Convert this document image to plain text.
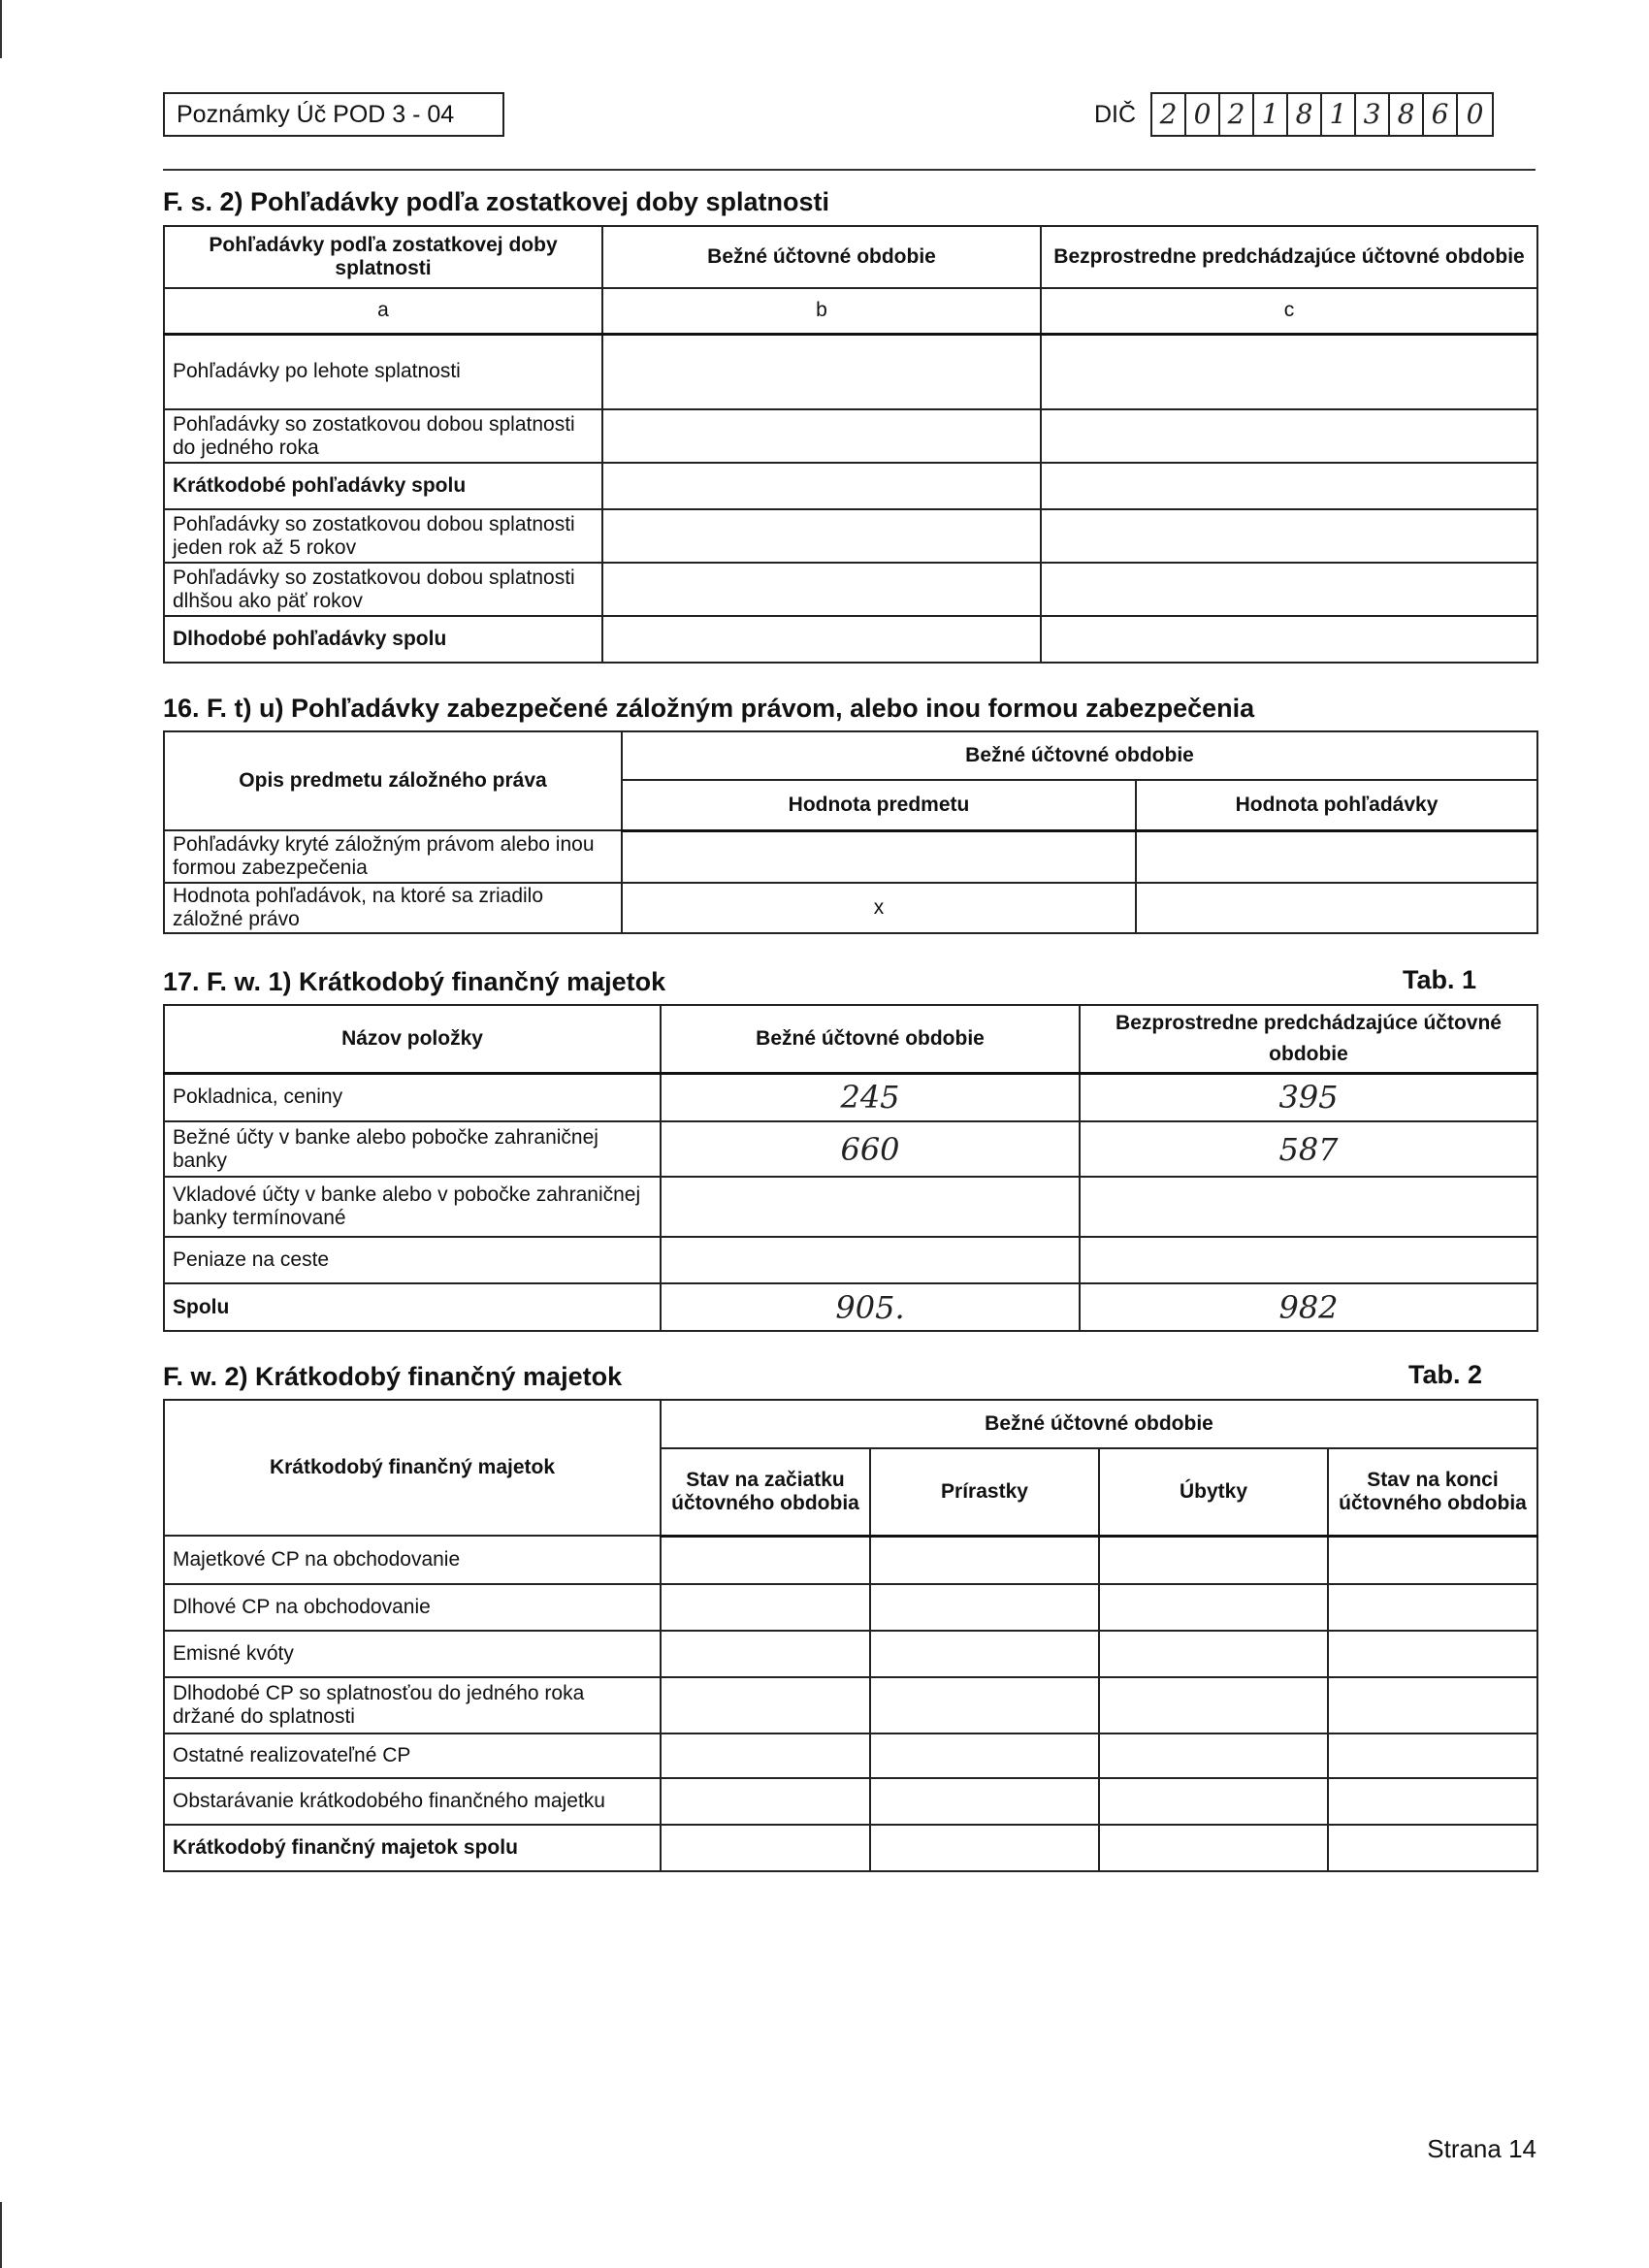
Poznámky Úč POD 3 - 04	DIČ 2 0 2 1 8 1 3 8 6 0
F. s. 2) Pohľadávky podľa zostatkovej doby splatnosti
Pohľadávky podľa zostatkovej doby splatnosti	Bežné účtovné obdobie	Bezprostredne predchádzajúce účtovné obdobie
a	b	c
Pohľadávky po lehote splatnosti		
Pohľadávky so zostatkovou dobou splatnosti do jedného roka		
Krátkodobé pohľadávky spolu		
Pohľadávky so zostatkovou dobou splatnosti jeden rok až 5 rokov		
Pohľadávky so zostatkovou dobou splatnosti dlhšou ako päť rokov		
Dlhodobé pohľadávky spolu		
16. F. t) u) Pohľadávky zabezpečené záložným právom, alebo inou formou zabezpečenia
Opis predmetu záložného práva	Bežné účtovné obdobie	
	Hodnota predmetu	Hodnota pohľadávky
Pohľadávky kryté záložným právom alebo inou formou zabezpečenia		
Hodnota pohľadávok, na ktoré sa zriadilo záložné právo	x	
17. F. w. 1) Krátkodobý finančný majetok	Tab. 1
Názov položky	Bežné účtovné obdobie	Bezprostredne predchádzajúce účtovné obdobie
Pokladnica, ceniny	245	395
Bežné účty v banke alebo pobočke zahraničnej banky	660	587
Vkladové účty v banke alebo v pobočke zahraničnej banky termínované		
Peniaze na ceste		
Spolu	905.	982
F. w. 2) Krátkodobý finančný majetok	Tab. 2
Krátkodobý finančný majetok	Bežné účtovné obdobie			
	Stav na začiatku účtovného obdobia	Prírastky	Úbytky	Stav na konci účtovného obdobia
Majetkové CP na obchodovanie				
Dlhové CP na obchodovanie				
Emisné kvóty				
Dlhodobé CP so splatnosťou do jedného roka držané do splatnosti				
Ostatné realizovateľné CP				
Obstarávanie krátkodobého finančného majetku				
Krátkodobý finančný majetok spolu				
Strana 14
